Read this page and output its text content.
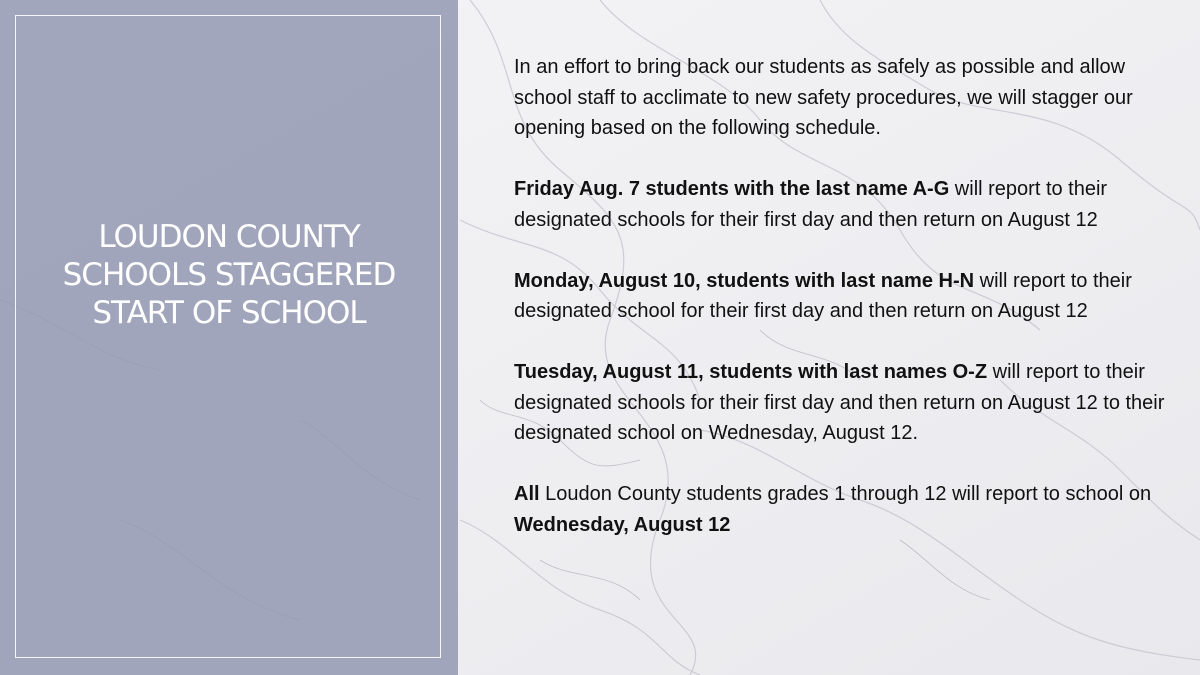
LOUDON COUNTY SCHOOLS STAGGERED START OF SCHOOL

In an effort to bring back our students as safely as possible and allow school staff to acclimate to new safety procedures, we will stagger our opening based on the following schedule.

Friday Aug. 7 students with the last name A-G will report to their designated schools for their first day and then return on August 12

Monday, August 10, students with last name H-N will report to their designated school for their first day and then return on August 12

Tuesday, August 11, students with last names O-Z will report to their designated schools for their first day and then return on August 12 to their designated school on Wednesday, August 12.

All Loudon County students grades 1 through 12 will report to school on Wednesday, August 12
